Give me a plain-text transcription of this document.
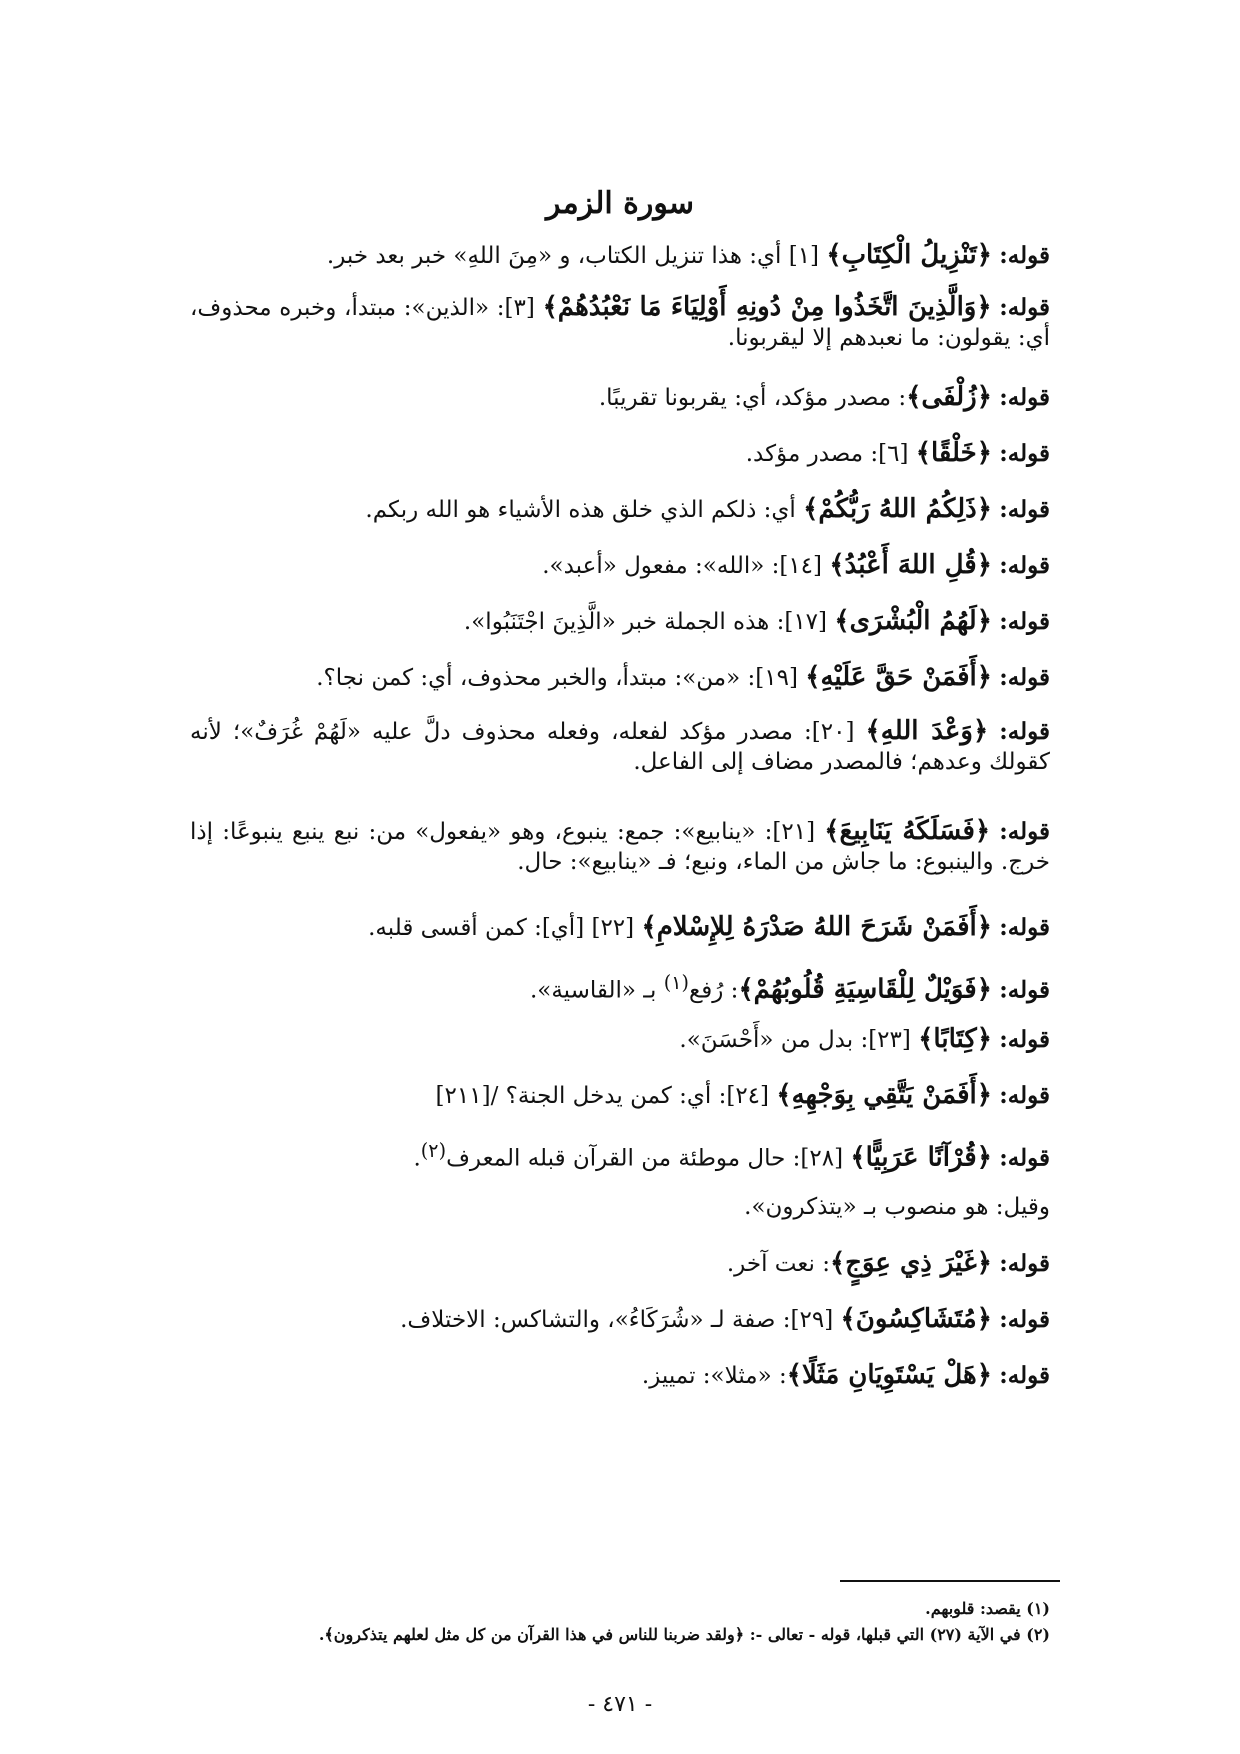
سورة الزمر
قوله: ﴿تَنْزِيلُ الْكِتَابِ﴾ [١] أي: هذا تنزيل الكتاب، و «مِنَ اللهِ» خبر بعد خبر.
قوله: ﴿وَالَّذِينَ اتَّخَذُوا مِنْ دُونِهِ أَوْلِيَاءَ مَا نَعْبُدُهُمْ﴾ [٣]: «الذين»: مبتدأ، وخبره محذوف، أي: يقولون: ما نعبدهم إلا ليقربونا.
قوله: ﴿زُلْفَى﴾: مصدر مؤكد، أي: يقربونا تقريبًا.
قوله: ﴿خَلْقًا﴾ [٦]: مصدر مؤكد.
قوله: ﴿ذَلِكُمُ اللهُ رَبُّكُمْ﴾ أي: ذلكم الذي خلق هذه الأشياء هو الله ربكم.
قوله: ﴿قُلِ اللهَ أَعْبُدُ﴾ [١٤]: «الله»: مفعول «أعبد».
قوله: ﴿لَهُمُ الْبُشْرَى﴾ [١٧]: هذه الجملة خبر «الَّذِينَ اجْتَنَبُوا».
قوله: ﴿أَفَمَنْ حَقَّ عَلَيْهِ﴾ [١٩]: «من»: مبتدأ، والخبر محذوف، أي: كمن نجا؟.
قوله: ﴿وَعْدَ اللهِ﴾ [٢٠]: مصدر مؤكد لفعله، وفعله محذوف دلَّ عليه «لَهُمْ غُرَفٌ»؛ لأنه كقولك وعدهم؛ فالمصدر مضاف إلى الفاعل.
قوله: ﴿فَسَلَكَهُ يَنَابِيعَ﴾ [٢١]: «ينابيع»: جمع: ينبوع، وهو «يفعول» من: نبع ينبع ينبوعًا: إذا خرج. والينبوع: ما جاش من الماء، ونبع؛ فـ «ينابيع»: حال.
قوله: ﴿أَفَمَنْ شَرَحَ اللهُ صَدْرَهُ لِلإِسْلامِ﴾ [٢٢] [أي]: كمن أقسى قلبه.
قوله: ﴿فَوَيْلٌ لِلْقَاسِيَةِ قُلُوبُهُمْ﴾: رُفع$^{(١)}$ بـ «القاسية».
قوله: ﴿كِتَابًا﴾ [٢٣]: بدل من «أَحْسَنَ».
قوله: ﴿أَفَمَنْ يَتَّقِي بِوَجْهِهِ﴾ [٢٤]: أي: كمن يدخل الجنة؟ /[٢١١]
قوله: ﴿قُرْآنًا عَرَبِيًّا﴾ [٢٨]: حال موطئة من القرآن قبله المعرف$^{(٢)}$.
وقيل: هو منصوب بـ «يتذكرون».
قوله: ﴿غَيْرَ ذِي عِوَجٍ﴾: نعت آخر.
قوله: ﴿مُتَشَاكِسُونَ﴾ [٢٩]: صفة لـ «شُرَكَاءُ»، والتشاكس: الاختلاف.
قوله: ﴿هَلْ يَسْتَوِيَانِ مَثَلًا﴾: «مثلا»: تمييز.
(١) يقصد: قلوبهم.
(٢) في الآية (٢٧) التي قبلها، قوله - تعالى -: ﴿ولقد ضربنا للناس في هذا القرآن من كل مثل لعلهم يتذكرون﴾.
- ٤٧١ -
